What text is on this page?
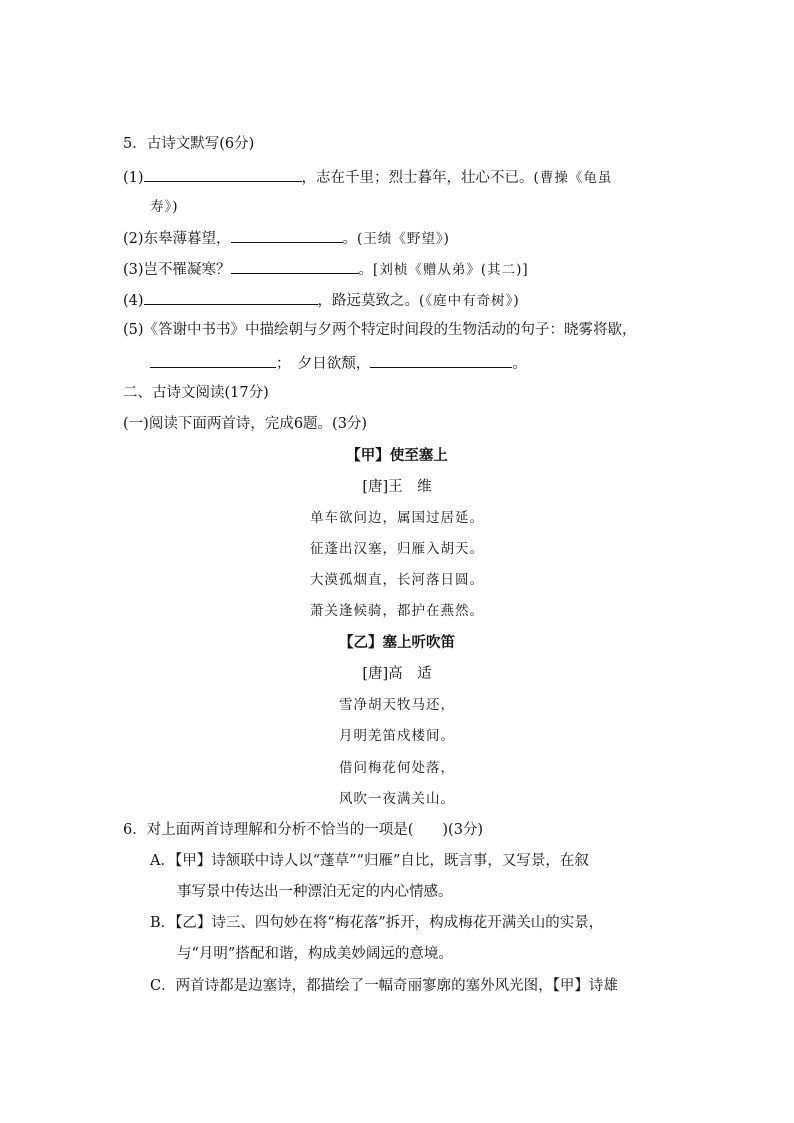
5．古诗文默写(6分)
(1)	，志在千里；烈士暮年，壮心不已。(曹操《龟虽
寿》)
(2)东皋薄暮望，	。(王绩《野望》)
(3)岂不罹凝寒？	。[刘桢《赠从弟》(其二)]
(4)	，路远莫致之。(《庭中有奇树》)
(5)《答谢中书书》中描绘朝与夕两个特定时间段的生物活动的句子：晓雾将歇，
；　夕日欲颓，	。
二、古诗文阅读(17分)
(一)阅读下面两首诗，完成6题。(3分)
【甲】使至塞上
[唐]王　维
单车欲问边，属国过居延。
征蓬出汉塞，归雁入胡天。
大漠孤烟直，长河落日圆。
萧关逢候骑，都护在燕然。
【乙】塞上听吹笛
[唐]高　适
雪净胡天牧马还，
月明羌笛戍楼间。
借问梅花何处落，
风吹一夜满关山。
6．对上面两首诗理解和分析不恰当的一项是(　　)(3分)
A．【甲】诗颔联中诗人以“蓬草”“归雁”自比，既言事，又写景，在叙
事写景中传达出一种漂泊无定的内心情感。
B．【乙】诗三、四句妙在将“梅花落”拆开，构成梅花开满关山的实景，
与“月明”搭配和谐，构成美妙阔远的意境。
C．两首诗都是边塞诗，都描绘了一幅奇丽寥廓的塞外风光图，【甲】诗雄
